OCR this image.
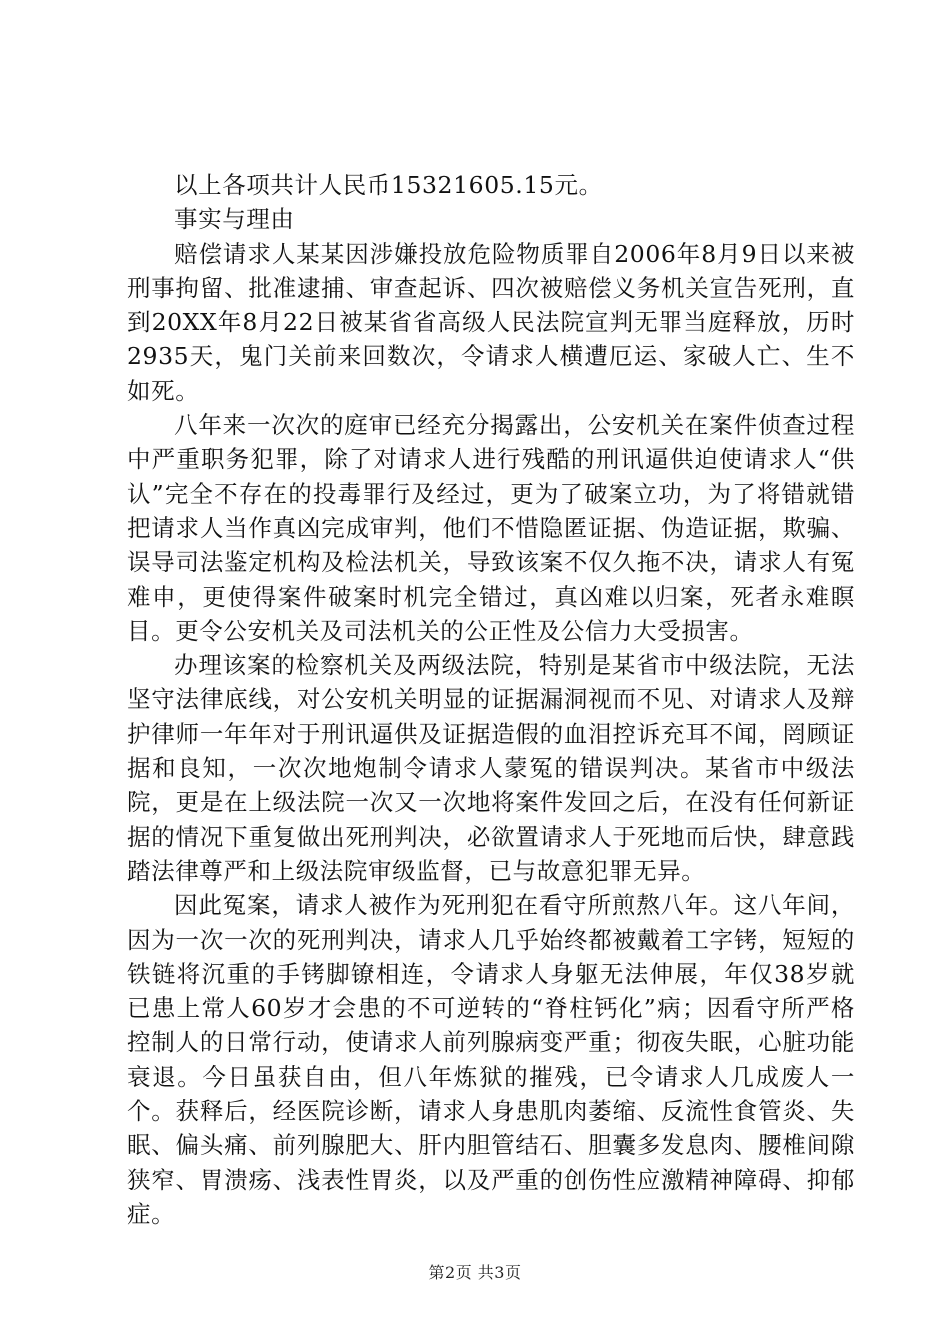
以上各项共计人民币15321605.15元。

事实与理由

赔偿请求人某某因涉嫌投放危险物质罪自2006年8月9日以来被刑事拘留、批准逮捕、审查起诉、四次被赔偿义务机关宣告死刑，直到20XX年8月22日被某省省高级人民法院宣判无罪当庭释放，历时2935天，鬼门关前来回数次，令请求人横遭厄运、家破人亡、生不如死。

八年来一次次的庭审已经充分揭露出，公安机关在案件侦查过程中严重职务犯罪，除了对请求人进行残酷的刑讯逼供迫使请求人“供认”完全不存在的投毒罪行及经过，更为了破案立功，为了将错就错把请求人当作真凶完成审判，他们不惜隐匿证据、伪造证据，欺骗、误导司法鉴定机构及检法机关，导致该案不仅久拖不决，请求人有冤难申，更使得案件破案时机完全错过，真凶难以归案，死者永难瞑目。更令公安机关及司法机关的公正性及公信力大受损害。

办理该案的检察机关及两级法院，特别是某省市中级法院，无法坚守法律底线，对公安机关明显的证据漏洞视而不见、对请求人及辩护律师一年年对于刑讯逼供及证据造假的血泪控诉充耳不闻，罔顾证据和良知，一次次地炮制令请求人蒙冤的错误判决。某省市中级法院，更是在上级法院一次又一次地将案件发回之后，在没有任何新证据的情况下重复做出死刑判决，必欲置请求人于死地而后快，肆意践踏法律尊严和上级法院审级监督，已与故意犯罪无异。

因此冤案，请求人被作为死刑犯在看守所煎熬八年。这八年间，因为一次一次的死刑判决，请求人几乎始终都被戴着工字铐，短短的铁链将沉重的手铐脚镣相连，令请求人身躯无法伸展，年仅38岁就已患上常人60岁才会患的不可逆转的“脊柱钙化”病；因看守所严格控制人的日常行动，使请求人前列腺病变严重；彻夜失眠，心脏功能衰退。今日虽获自由，但八年炼狱的摧残，已令请求人几成废人一个。获释后，经医院诊断，请求人身患肌肉萎缩、反流性食管炎、失眠、偏头痛、前列腺肥大、肝内胆管结石、胆囊多发息肉、腰椎间隙狭窄、胃溃疡、浅表性胃炎，以及严重的创伤性应激精神障碍、抑郁症。

第2页 共3页
